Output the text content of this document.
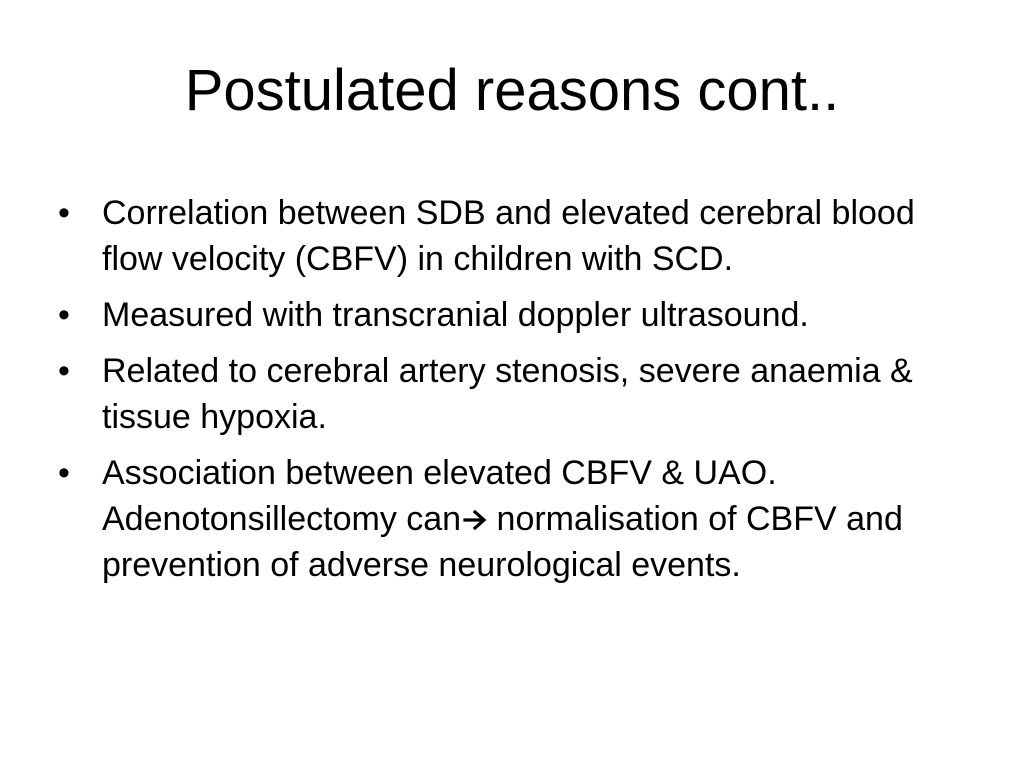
Postulated reasons cont..
• Correlation between SDB and elevated cerebral blood flow velocity (CBFV) in children with SCD.
• Measured with transcranial doppler ultrasound.
• Related to cerebral artery stenosis, severe anaemia & tissue hypoxia.
• Association between elevated CBFV & UAO. Adenotonsillectomy can normalisation of CBFV and prevention of adverse neurological events.
